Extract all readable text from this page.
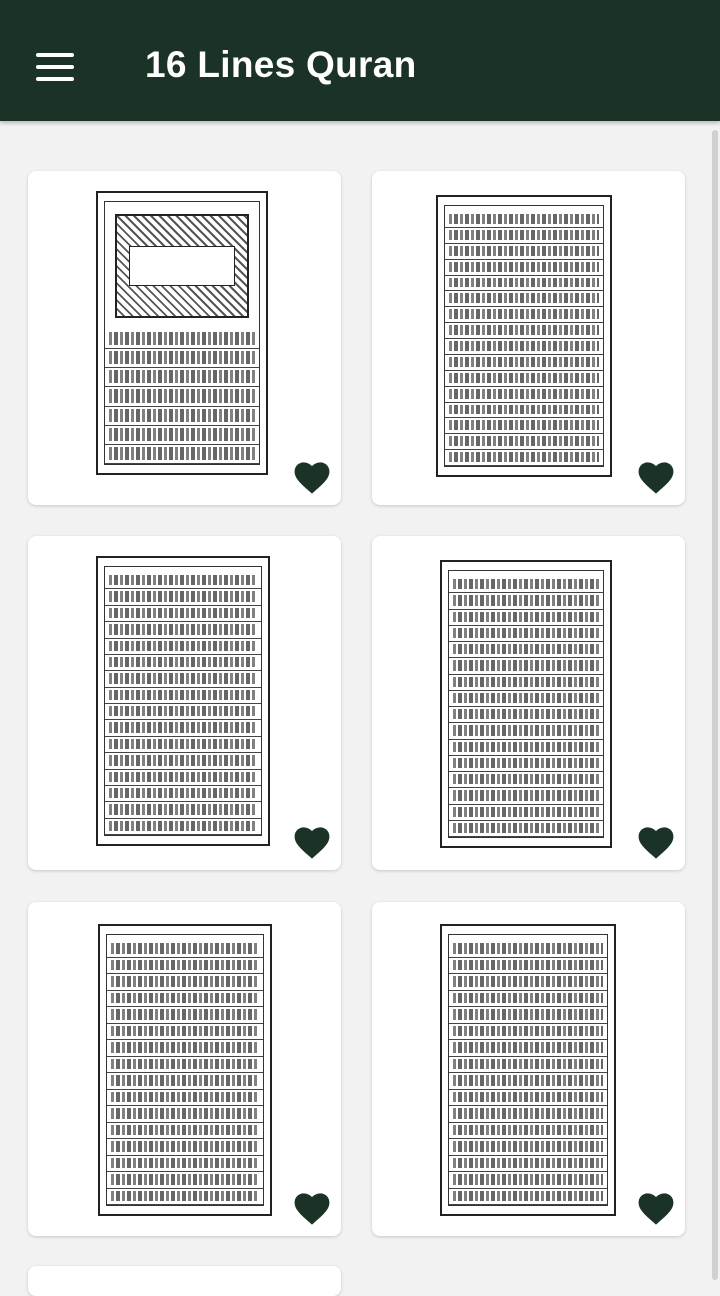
16 Lines Quran
